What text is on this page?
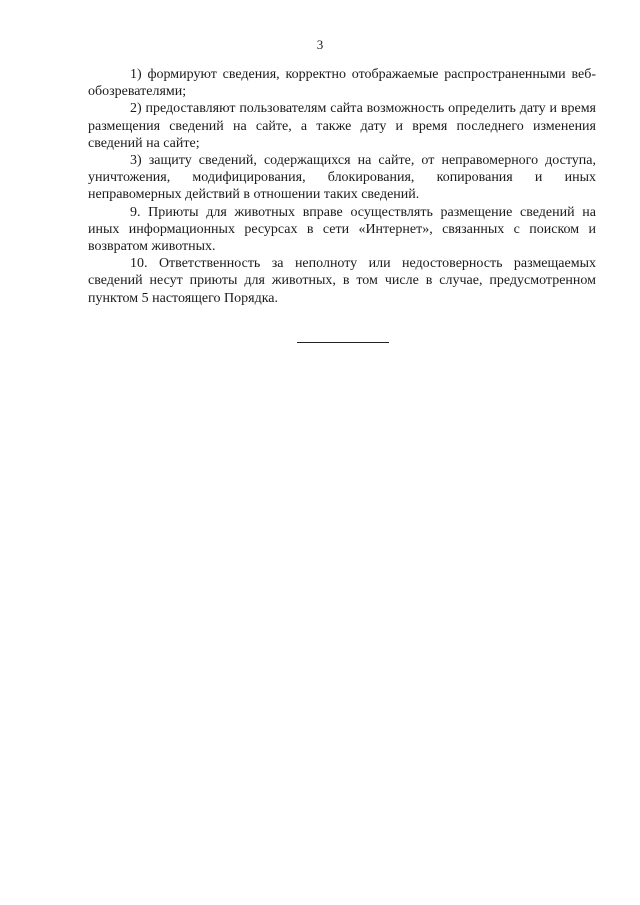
3

1) формируют сведения, корректно отображаемые распространенными веб-обозревателями;

2) предоставляют пользователям сайта возможность определить дату и время размещения сведений на сайте, а также дату и время последнего изменения сведений на сайте;

3) защиту сведений, содержащихся на сайте, от неправомерного доступа, уничтожения, модифицирования, блокирования, копирования и иных неправомерных действий в отношении таких сведений.

9. Приюты для животных вправе осуществлять размещение сведений на иных информационных ресурсах в сети «Интернет», связанных с поиском и возвратом животных.

10. Ответственность за неполноту или недостоверность размещаемых сведений несут приюты для животных, в том числе в случае, предусмотренном пунктом 5 настоящего Порядка.
